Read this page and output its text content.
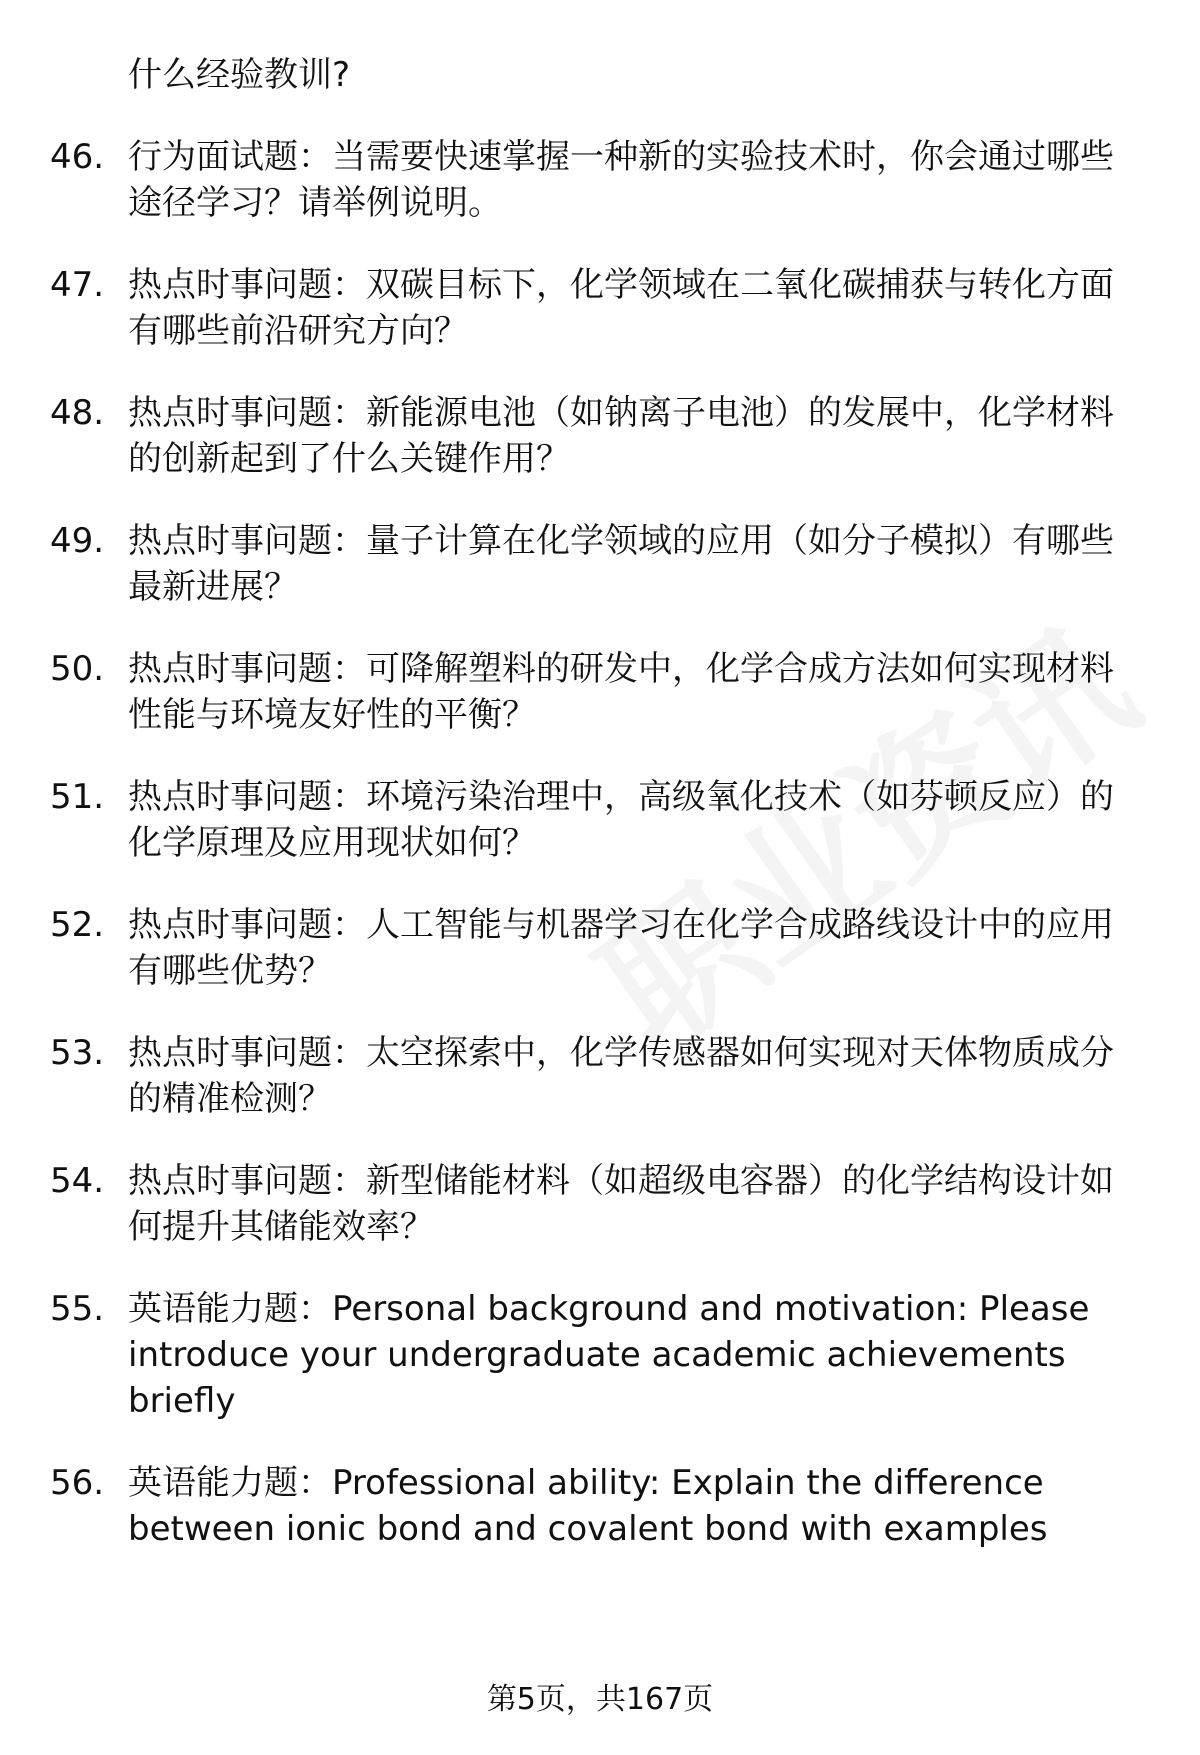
什么经验教训?
46. 行为面试题：当需要快速掌握一种新的实验技术时，你会通过哪些途径学习？请举例说明。
47. 热点时事问题：双碳目标下，化学领域在二氧化碳捕获与转化方面有哪些前沿研究方向？
48. 热点时事问题：新能源电池（如钠离子电池）的发展中，化学材料的创新起到了什么关键作用？
49. 热点时事问题：量子计算在化学领域的应用（如分子模拟）有哪些最新进展？
50. 热点时事问题：可降解塑料的研发中，化学合成方法如何实现材料性能与环境友好性的平衡？
51. 热点时事问题：环境污染治理中，高级氧化技术（如芬顿反应）的化学原理及应用现状如何？
52. 热点时事问题：人工智能与机器学习在化学合成路线设计中的应用有哪些优势？
53. 热点时事问题：太空探索中，化学传感器如何实现对天体物质成分的精准检测？
54. 热点时事问题：新型储能材料（如超级电容器）的化学结构设计如何提升其储能效率？
55. 英语能力题：Personal background and motivation: Please introduce your undergraduate academic achievements briefly
56. 英语能力题：Professional ability: Explain the difference between ionic bond and covalent bond with examples
第5页，共167页
